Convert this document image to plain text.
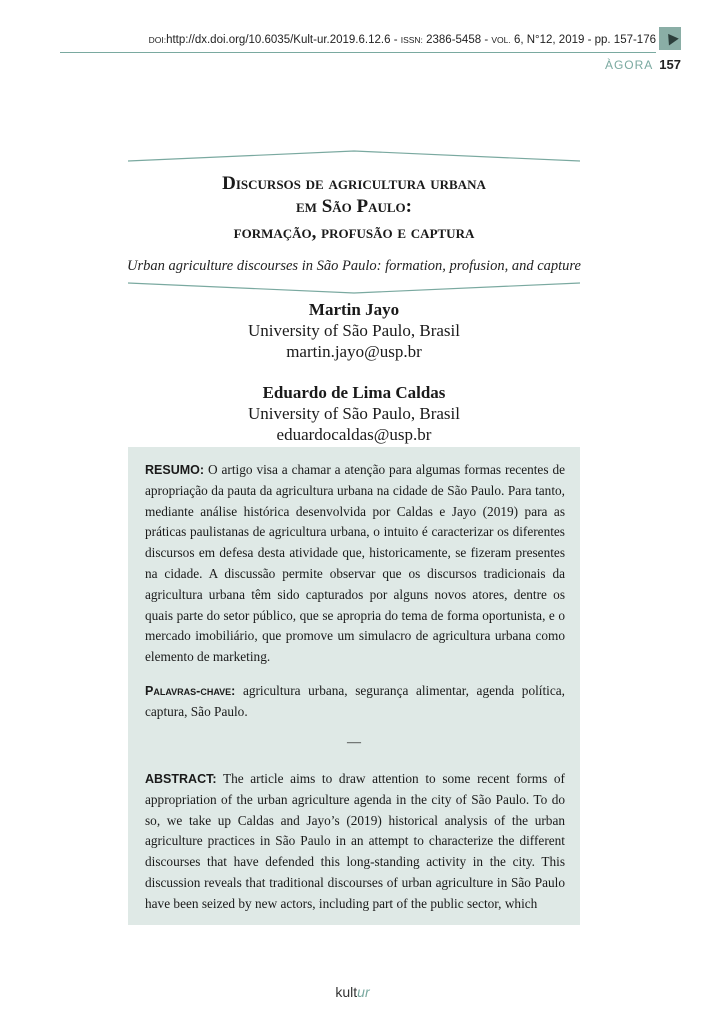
DOI:http://dx.doi.org/10.6035/Kult-ur.2019.6.12.6 - ISSN: 2386-5458 - VOL. 6, N°12, 2019 - pp. 157-176
ÀGORA 157
Discursos de agricultura urbana
em São Paulo:
formação, profusão e captura
Urban agriculture discourses in São Paulo: formation, profusion, and capture
Martin Jayo
University of São Paulo, Brasil
martin.jayo@usp.br
Eduardo de Lima Caldas
University of São Paulo, Brasil
eduardocaldas@usp.br
RESUMO: O artigo visa a chamar a atenção para algumas formas recentes de apropriação da pauta da agricultura urbana na cidade de São Paulo. Para tanto, mediante análise histórica desenvolvida por Caldas e Jayo (2019) para as práticas paulistanas de agricultura urbana, o intuito é caracterizar os diferentes discursos em defesa desta atividade que, historicamente, se fizeram presentes na cidade. A discussão permite observar que os discursos tradicionais da agricultura urbana têm sido capturados por alguns novos atores, dentre os quais parte do setor público, que se apropria do tema de forma oportunista, e o mercado imobiliário, que promove um simulacro de agricultura urbana como elemento de marketing.
Palavras-chave: agricultura urbana, segurança alimentar, agenda política, captura, São Paulo.
—
ABSTRACT: The article aims to draw attention to some recent forms of appropriation of the urban agriculture agenda in the city of São Paulo. To do so, we take up Caldas and Jayo’s (2019) historical analysis of the urban agriculture practices in São Paulo in an attempt to characterize the different discourses that have defended this long-standing activity in the city. This discussion reveals that traditional discourses of urban agriculture in São Paulo have been seized by new actors, including part of the public sector, which
kultur
